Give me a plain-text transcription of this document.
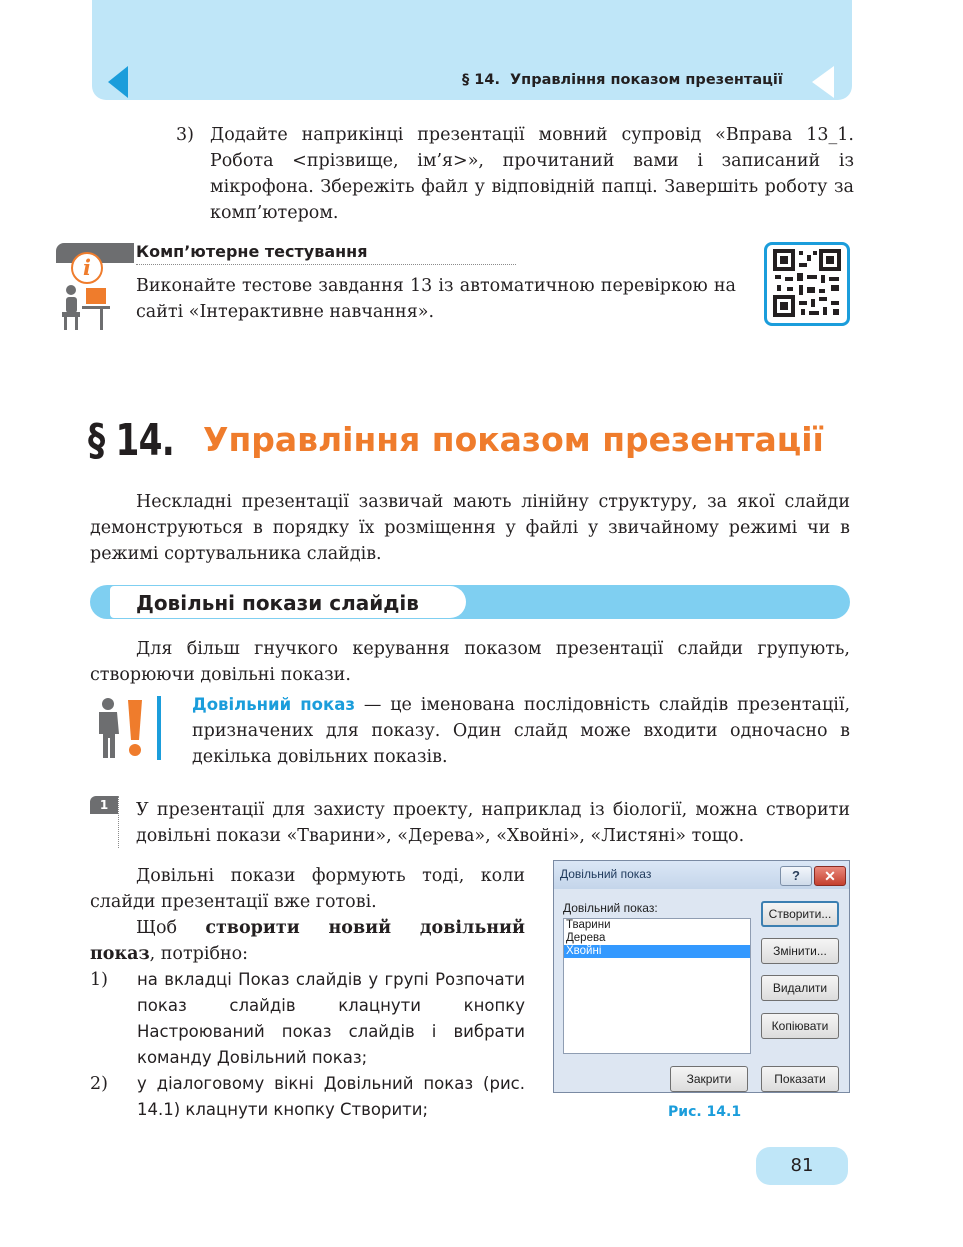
§ 14. Управління показом презентації
3) Додайте наприкінці презентації мовний супровід «Вправа 13_1. Робота <прізвище, ім’я>», прочитаний вами і записаний із мікрофона. Збережіть файл у відповідній папці. Завершіть роботу за комп’ютером.
i
Комп’ютерне тестування
Виконайте тестове завдання 13 із автоматичною перевіркою на сайті «Інтерактивне навчання».
§ 14. Управління показом презентації

Нескладні презентації зазвичай мають лінійну структуру, за якої слайди демонструються в порядку їх розміщення у файлі у звичайному режимі чи в режимі сортувальника слайдів.

Довільні покази слайдів

Для більш гнучкого керування показом презентації слайди групують, створюючи довільні покази.

Довільний показ — це іменована послідовність слайдів презентації, призначених для показу. Один слайд може входити одночасно в декілька довільних показів.

1	У презентації для захисту проекту, наприклад із біології, можна створити довільні покази «Тварини», «Дерева», «Хвойні», «Листяні» тощо.

Довільні покази формують тоді, коли слайди презентації вже готові.

Щоб створити новий довільний показ, потрібно:

1) на вкладці Показ слайдів у групі Розпочати показ слайдів клацнути кнопку Настроюваний показ слайдів і вибрати команду Довільний показ;
2) у діалоговому вікні Довільний показ (рис. 14.1) клацнути кнопку Створити;
Довільний показ	?	✕
Довільний показ:
Тварини
Дерева
Хвойні
Створити...
Змінити...
Видалити
Копіювати
Закрити	Показати
Рис. 14.1
81
